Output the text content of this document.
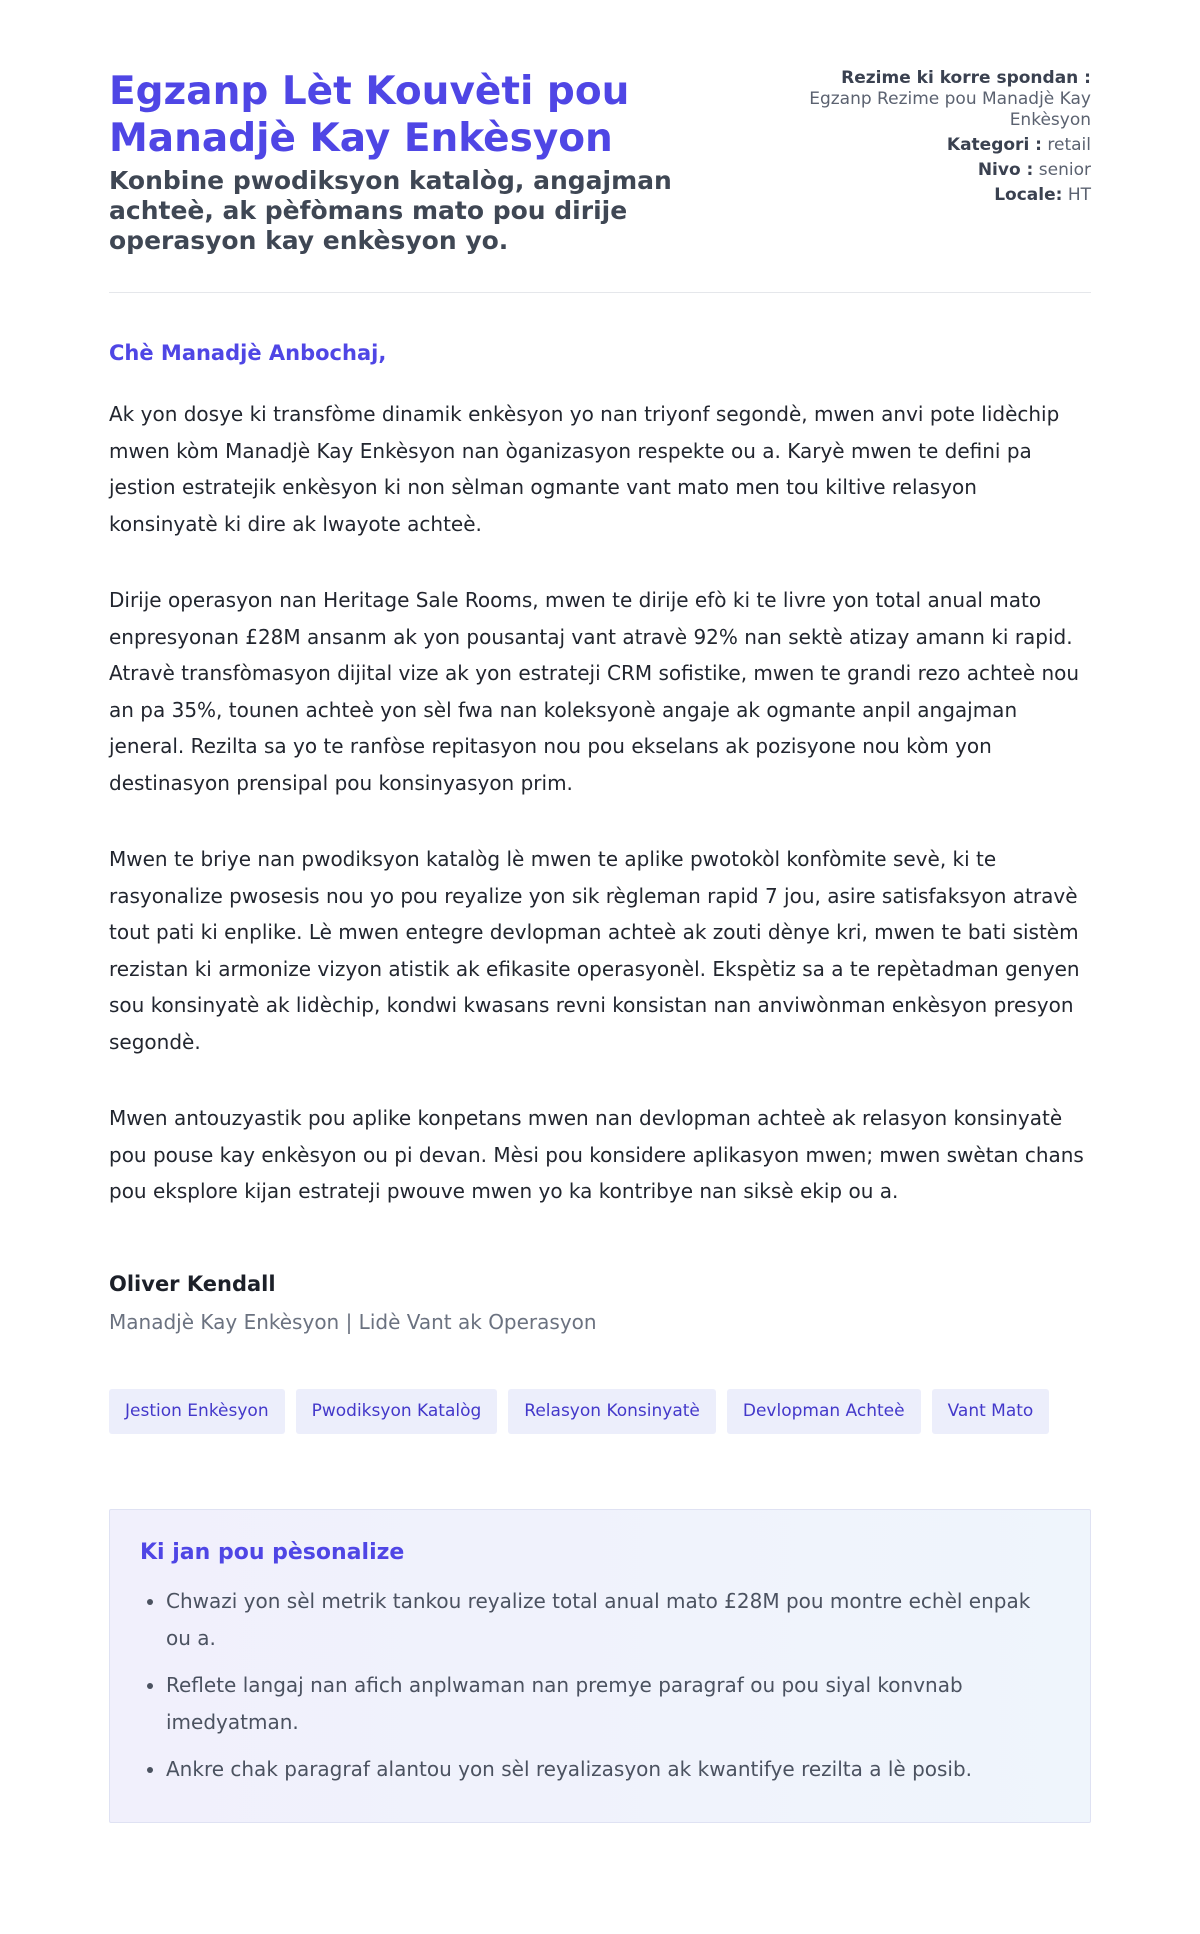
Egzanp Lèt Kouvèti pou Manadjè Kay Enkèsyon

Konbine pwodiksyon katalòg, angajman achteè, ak pèfòmans mato pou dirije operasyon kay enkèsyon yo.

Rezime ki korre spondan :
Egzanp Rezime pou Manadjè Kay Enkèsyon
Kategori : retail
Nivo : senior
Locale: HT
Chè Manadjè Anbochaj,

Ak yon dosye ki transfòme dinamik enkèsyon yo nan triyonf segondè, mwen anvi pote lidèchip mwen kòm Manadjè Kay Enkèsyon nan òganizasyon respekte ou a. Karyè mwen te defini pa jestion estratejik enkèsyon ki non sèlman ogmante vant mato men tou kiltive relasyon konsinyatè ki dire ak lwayote achteè.

Dirije operasyon nan Heritage Sale Rooms, mwen te dirije efò ki te livre yon total anual mato enpresyonan £28M ansanm ak yon pousantaj vant atravè 92% nan sektè atizay amann ki rapid. Atravè transfòmasyon dijital vize ak yon estrateji CRM sofistike, mwen te grandi rezo achteè nou an pa 35%, tounen achteè yon sèl fwa nan koleksyonè angaje ak ogmante anpil angajman jeneral. Rezilta sa yo te ranfòse repitasyon nou pou ekselans ak pozisyone nou kòm yon destinasyon prensipal pou konsinyasyon prim.

Mwen te briye nan pwodiksyon katalòg lè mwen te aplike pwotokòl konfòmite sevè, ki te rasyonalize pwosesis nou yo pou reyalize yon sik règleman rapid 7 jou, asire satisfaksyon atravè tout pati ki enplike. Lè mwen entegre devlopman achteè ak zouti dènye kri, mwen te bati sistèm rezistan ki armonize vizyon atistik ak efikasite operasyonèl. Ekspètiz sa a te repètadman genyen sou konsinyatè ak lidèchip, kondwi kwasans revni konsistan nan anviwònman enkèsyon presyon segondè.

Mwen antouzyastik pou aplike konpetans mwen nan devlopman achteè ak relasyon konsinyatè pou pouse kay enkèsyon ou pi devan. Mèsi pou konsidere aplikasyon mwen; mwen swètan chans pou eksplore kijan estrateji pwouve mwen yo ka kontribye nan siksè ekip ou a.

Oliver Kendall
Manadjè Kay Enkèsyon | Lidè Vant ak Operasyon
Jestion Enkèsyon	Pwodiksyon Katalòg	Relasyon Konsinyatè	Devlopman Achteè	Vant Mato
Ki jan pou pèsonalize
• Chwazi yon sèl metrik tankou reyalize total anual mato £28M pou montre echèl enpak ou a.
• Reflete langaj nan afich anplwaman nan premye paragraf ou pou siyal konvnab imedyatman.
• Ankre chak paragraf alantou yon sèl reyalizasyon ak kwantifye rezilta a lè posib.
